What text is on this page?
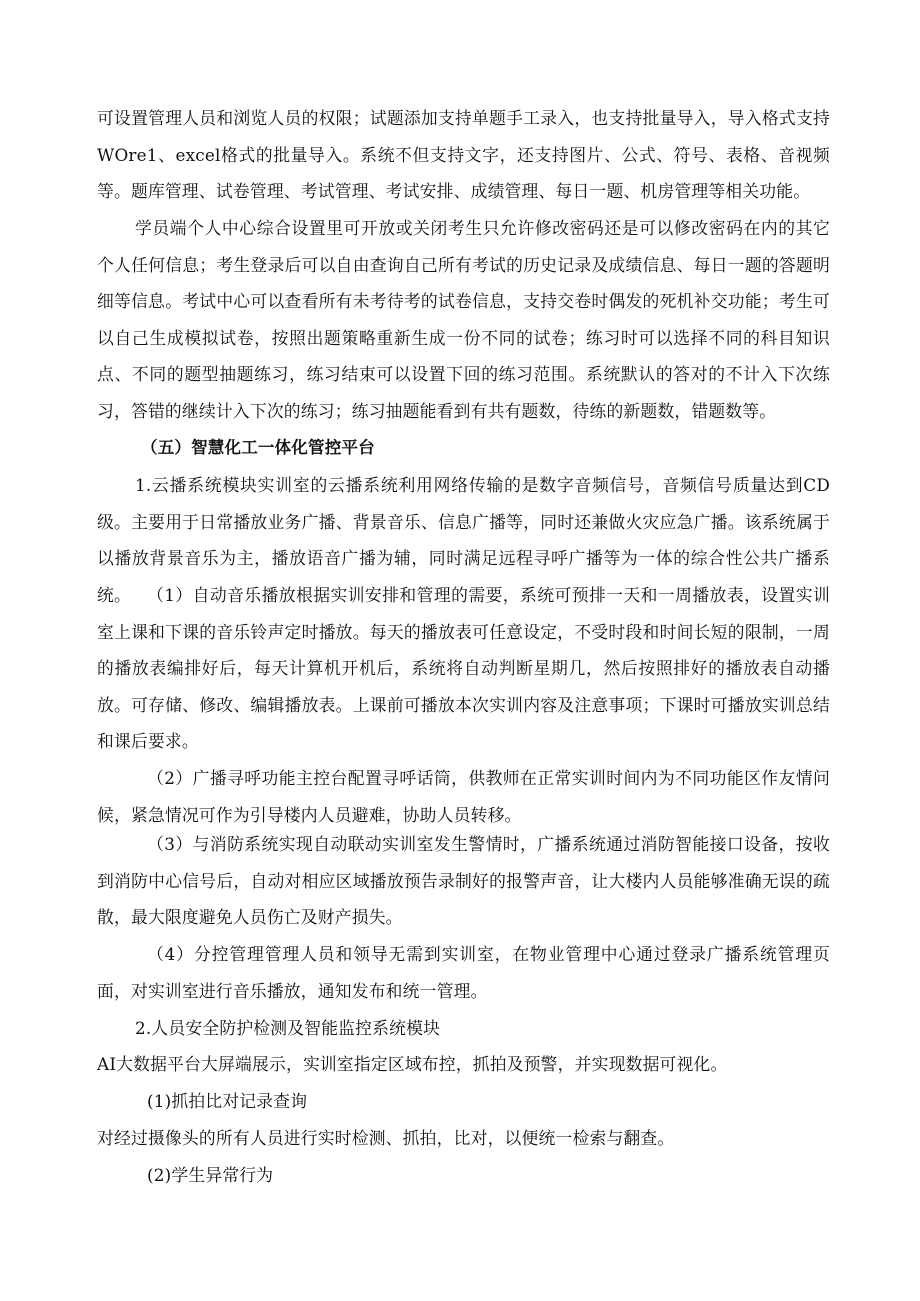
可设置管理人员和浏览人员的权限；试题添加支持单题手工录入，也支持批量导入，导入格式支持WOre1、excel格式的批量导入。系统不但支持文字，还支持图片、公式、符号、表格、音视频等。题库管理、试卷管理、考试管理、考试安排、成绩管理、每日一题、机房管理等相关功能。

学员端个人中心综合设置里可开放或关闭考生只允许修改密码还是可以修改密码在内的其它个人任何信息；考生登录后可以自由查询自己所有考试的历史记录及成绩信息、每日一题的答题明细等信息。考试中心可以查看所有未考待考的试卷信息，支持交卷时偶发的死机补交功能；考生可以自己生成模拟试卷，按照出题策略重新生成一份不同的试卷；练习时可以选择不同的科目知识点、不同的题型抽题练习，练习结束可以设置下回的练习范围。系统默认的答对的不计入下次练习，答错的继续计入下次的练习；练习抽题能看到有共有题数，待练的新题数，错题数等。

（五）智慧化工一体化管控平台

1.云播系统模块实训室的云播系统利用网络传输的是数字音频信号，音频信号质量达到CD级。主要用于日常播放业务广播、背景音乐、信息广播等，同时还兼做火灾应急广播。该系统属于以播放背景音乐为主，播放语音广播为辅，同时满足远程寻呼广播等为一体的综合性公共广播系统。 （1）自动音乐播放根据实训安排和管理的需要，系统可预排一天和一周播放表，设置实训室上课和下课的音乐铃声定时播放。每天的播放表可任意设定，不受时段和时间长短的限制，一周的播放表编排好后，每天计算机开机后，系统将自动判断星期几，然后按照排好的播放表自动播放。可存储、修改、编辑播放表。上课前可播放本次实训内容及注意事项；下课时可播放实训总结和课后要求。

（2）广播寻呼功能主控台配置寻呼话筒，供教师在正常实训时间内为不同功能区作友情问候，紧急情况可作为引导楼内人员避难，协助人员转移。

（3）与消防系统实现自动联动实训室发生警情时，广播系统通过消防智能接口设备，按收到消防中心信号后，自动对相应区域播放预告录制好的报警声音，让大楼内人员能够准确无误的疏散，最大限度避免人员伤亡及财产损失。

（4）分控管理管理人员和领导无需到实训室，在物业管理中心通过登录广播系统管理页面，对实训室进行音乐播放，通知发布和统一管理。

2.人员安全防护检测及智能监控系统模块

AI大数据平台大屏端展示，实训室指定区域布控，抓拍及预警，并实现数据可视化。

(1)抓拍比对记录查询

对经过摄像头的所有人员进行实时检测、抓拍，比对，以便统一检索与翻查。

(2)学生异常行为
